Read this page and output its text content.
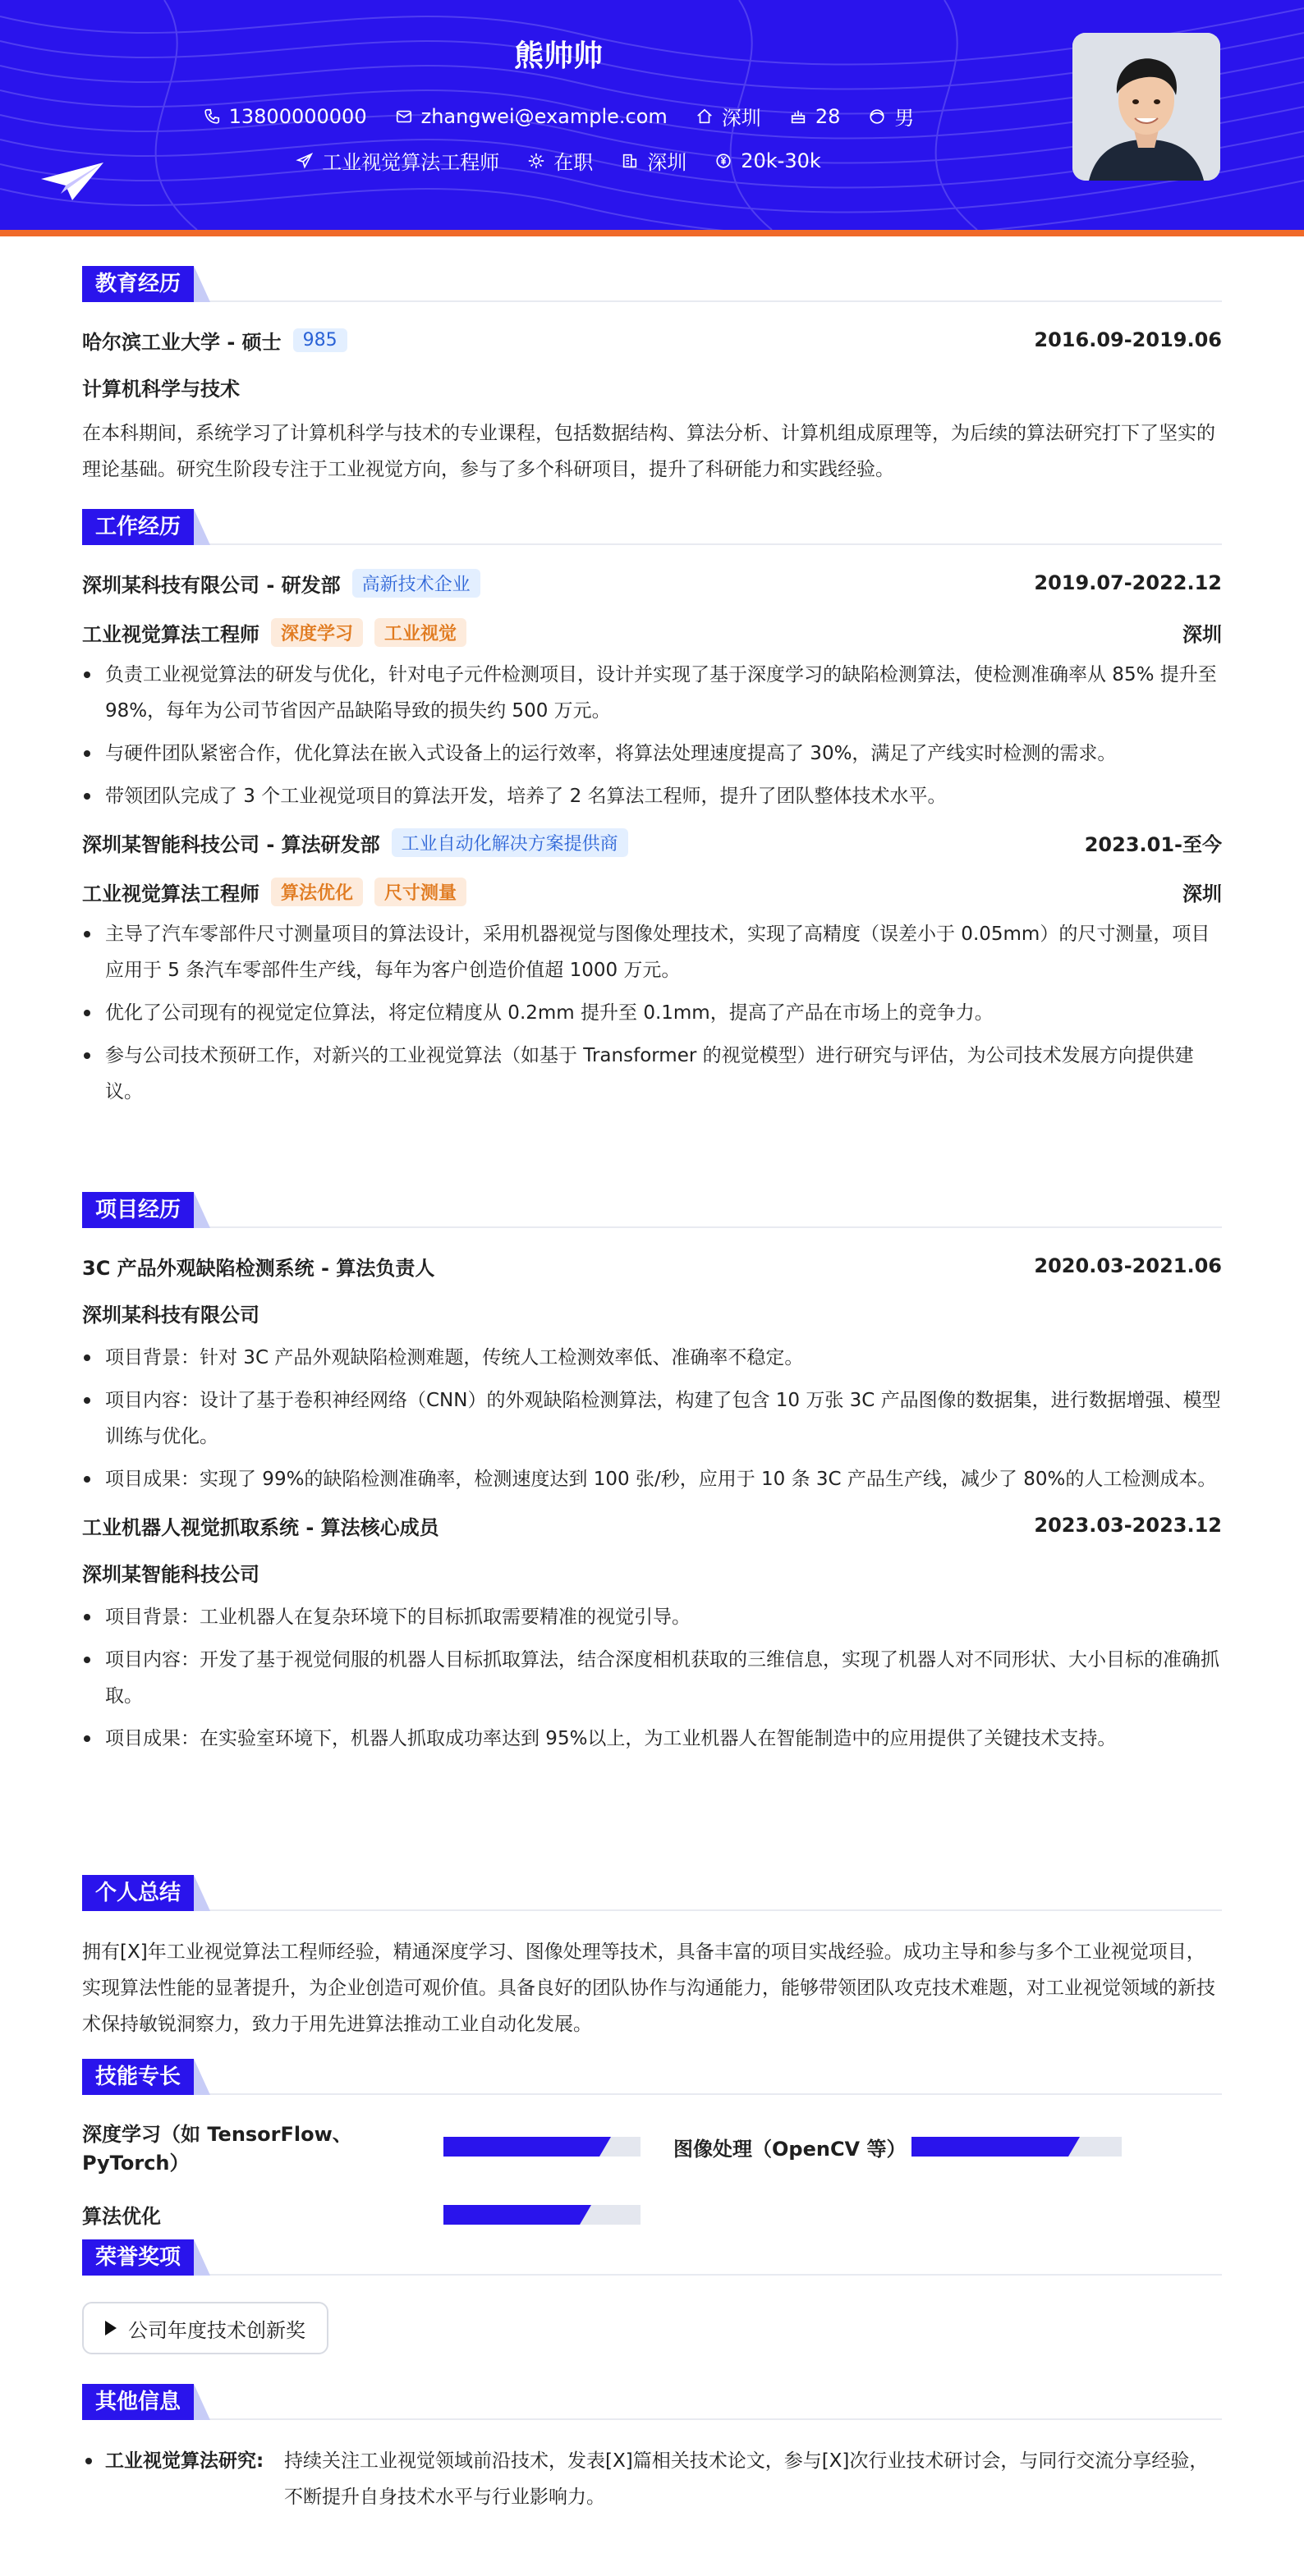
熊帅帅
13800000000	zhangwei@example.com	深圳	28	男
工业视觉算法工程师	在职	深圳	20k-30k
教育经历
哈尔滨工业大学 - 硕士	985	2016.09-2019.06
计算机科学与技术
在本科期间，系统学习了计算机科学与技术的专业课程，包括数据结构、算法分析、计算机组成原理等，为后续的算法研究打下了坚实的理论基础。研究生阶段专注于工业视觉方向，参与了多个科研项目，提升了科研能力和实践经验。
工作经历
深圳某科技有限公司 - 研发部	高新技术企业	2019.07-2022.12
工业视觉算法工程师	深度学习	工业视觉	深圳
负责工业视觉算法的研发与优化，针对电子元件检测项目，设计并实现了基于深度学习的缺陷检测算法，使检测准确率从 85% 提升至 98%，每年为公司节省因产品缺陷导致的损失约 500 万元。
与硬件团队紧密合作，优化算法在嵌入式设备上的运行效率，将算法处理速度提高了 30%，满足了产线实时检测的需求。
带领团队完成了 3 个工业视觉项目的算法开发，培养了 2 名算法工程师，提升了团队整体技术水平。
深圳某智能科技公司 - 算法研发部	工业自动化解决方案提供商	2023.01-至今
工业视觉算法工程师	算法优化	尺寸测量	深圳
主导了汽车零部件尺寸测量项目的算法设计，采用机器视觉与图像处理技术，实现了高精度（误差小于 0.05mm）的尺寸测量，项目应用于 5 条汽车零部件生产线，每年为客户创造价值超 1000 万元。
优化了公司现有的视觉定位算法，将定位精度从 0.2mm 提升至 0.1mm，提高了产品在市场上的竞争力。
参与公司技术预研工作，对新兴的工业视觉算法（如基于 Transformer 的视觉模型）进行研究与评估，为公司技术发展方向提供建议。
项目经历
3C 产品外观缺陷检测系统 - 算法负责人	2020.03-2021.06
深圳某科技有限公司
项目背景：针对 3C 产品外观缺陷检测难题，传统人工检测效率低、准确率不稳定。
项目内容：设计了基于卷积神经网络（CNN）的外观缺陷检测算法，构建了包含 10 万张 3C 产品图像的数据集，进行数据增强、模型训练与优化。
项目成果：实现了 99%的缺陷检测准确率，检测速度达到 100 张/秒，应用于 10 条 3C 产品生产线，减少了 80%的人工检测成本。
工业机器人视觉抓取系统 - 算法核心成员	2023.03-2023.12
深圳某智能科技公司
项目背景：工业机器人在复杂环境下的目标抓取需要精准的视觉引导。
项目内容：开发了基于视觉伺服的机器人目标抓取算法，结合深度相机获取的三维信息，实现了机器人对不同形状、大小目标的准确抓取。
项目成果：在实验室环境下，机器人抓取成功率达到 95%以上，为工业机器人在智能制造中的应用提供了关键技术支持。
个人总结
拥有[X]年工业视觉算法工程师经验，精通深度学习、图像处理等技术，具备丰富的项目实战经验。成功主导和参与多个工业视觉项目，实现算法性能的显著提升，为企业创造可观价值。具备良好的团队协作与沟通能力，能够带领团队攻克技术难题，对工业视觉领域的新技术保持敏锐洞察力，致力于用先进算法推动工业自动化发展。
技能专长
深度学习（如 TensorFlow、PyTorch）
图像处理（OpenCV 等）
算法优化
荣誉奖项
公司年度技术创新奖
其他信息
工业视觉算法研究:	持续关注工业视觉领域前沿技术，发表[X]篇相关技术论文，参与[X]次行业技术研讨会，与同行交流分享经验，不断提升自身技术水平与行业影响力。
